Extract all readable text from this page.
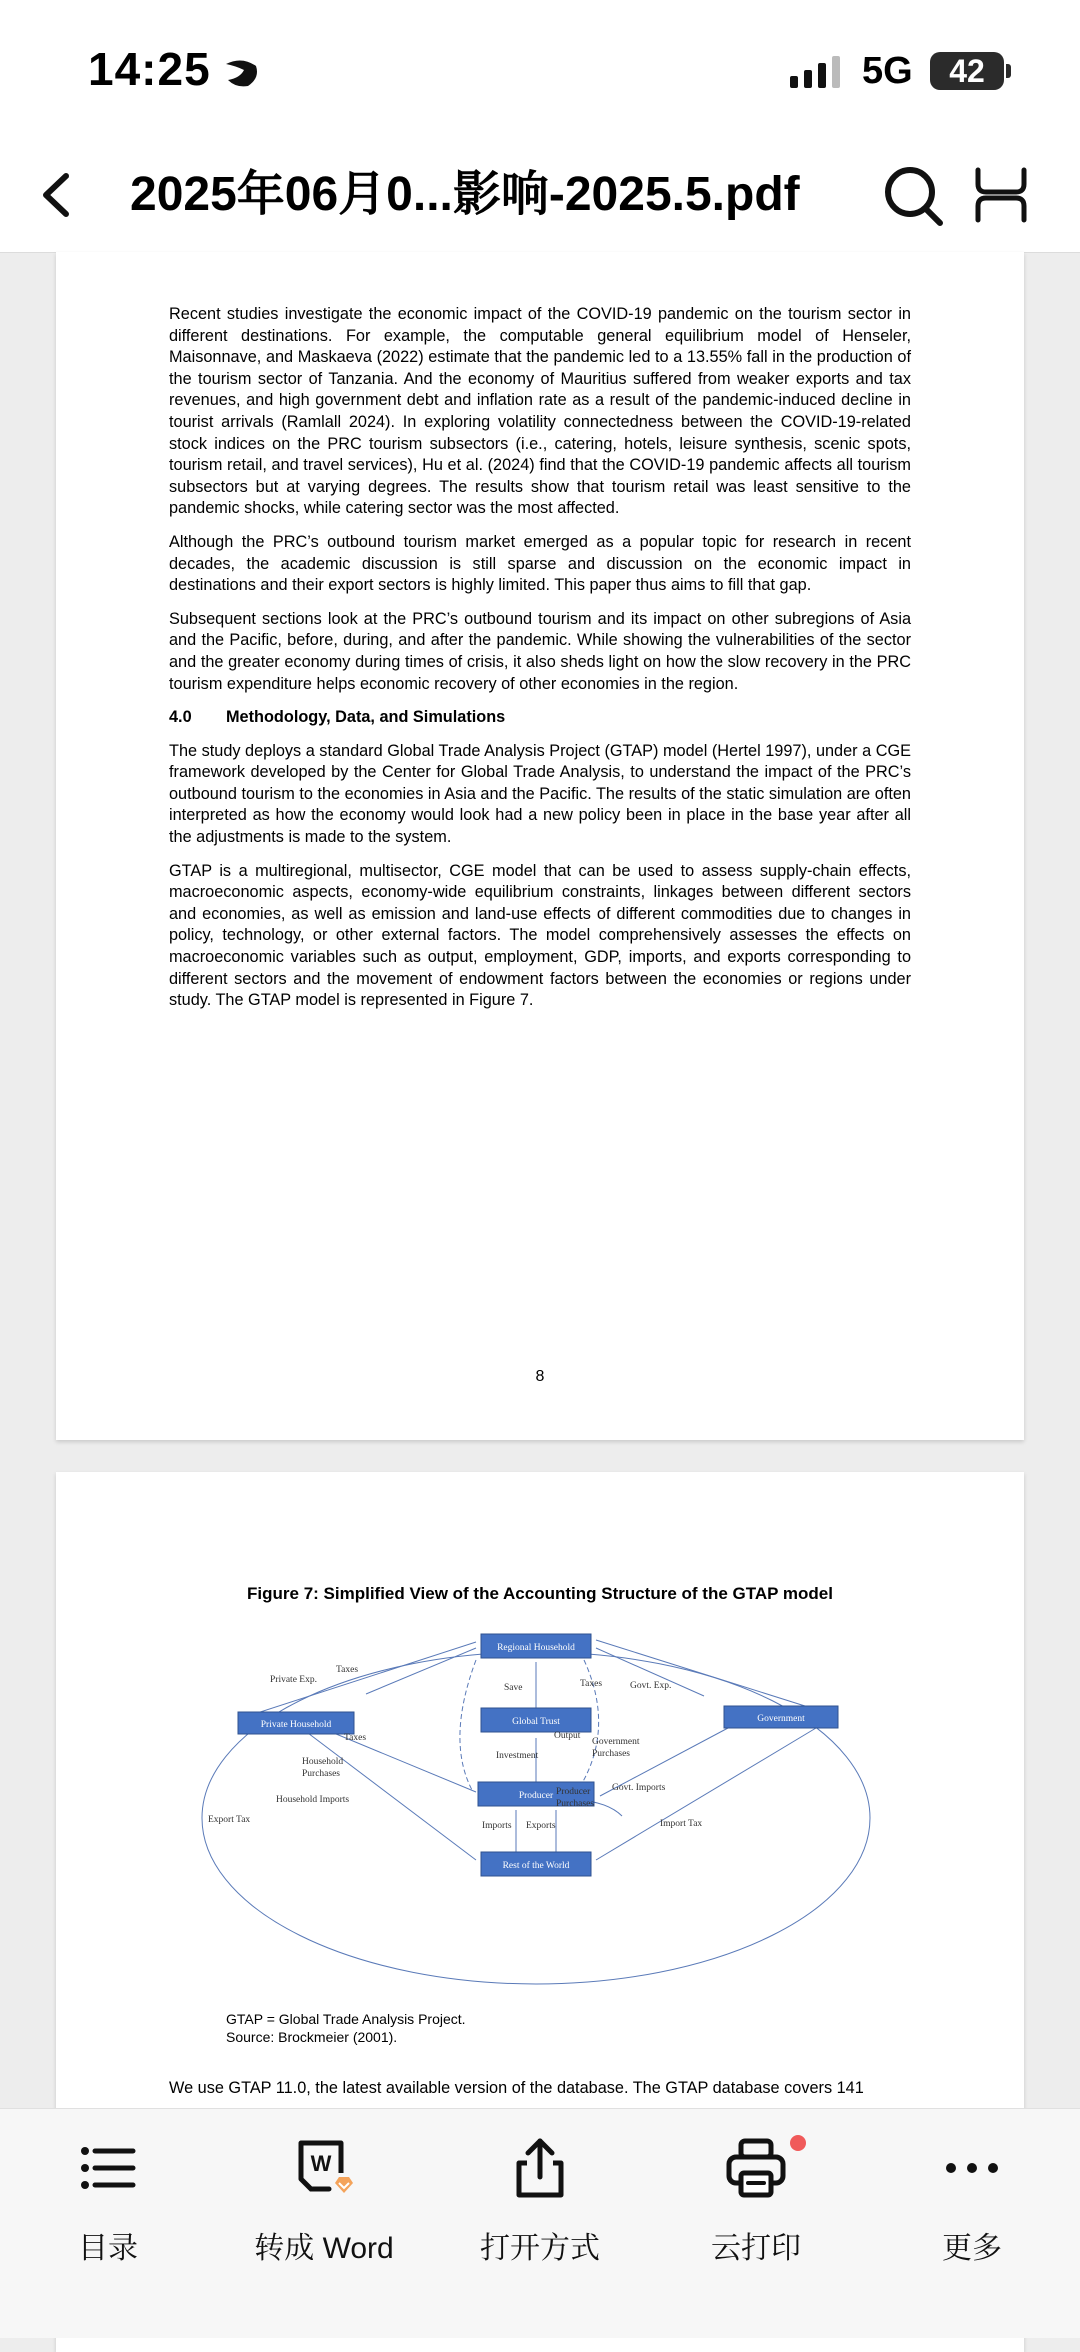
14:25	5G	42
2025年06月0...影响-2025.5.pdf

Recent studies investigate the economic impact of the COVID-19 pandemic on the tourism sector in different destinations. For example, the computable general equilibrium model of Henseler, Maisonnave, and Maskaeva (2022) estimate that the pandemic led to a 13.55% fall in the production of the tourism sector of Tanzania. And the economy of Mauritius suffered from weaker exports and tax revenues, and high government debt and inflation rate as a result of the pandemic-induced decline in tourist arrivals (Ramlall 2024). In exploring volatility connectedness between the COVID-19-related stock indices on the PRC tourism subsectors (i.e., catering, hotels, leisure synthesis, scenic spots, tourism retail, and travel services), Hu et al. (2024) find that the COVID-19 pandemic affects all tourism subsectors but at varying degrees. The results show that tourism retail was least sensitive to the pandemic shocks, while catering sector was the most affected.

Although the PRC’s outbound tourism market emerged as a popular topic for research in recent decades, the academic discussion is still sparse and discussion on the economic impact in destinations and their export sectors is highly limited. This paper thus aims to fill that gap.

Subsequent sections look at the PRC’s outbound tourism and its impact on other subregions of Asia and the Pacific, before, during, and after the pandemic. While showing the vulnerabilities of the sector and the greater economy during times of crisis, it also sheds light on how the slow recovery in the PRC tourism expenditure helps economic recovery of other economies in the region.

4.0 Methodology, Data, and Simulations

The study deploys a standard Global Trade Analysis Project (GTAP) model (Hertel 1997), under a CGE framework developed by the Center for Global Trade Analysis, to understand the impact of the PRC’s outbound tourism to the economies in Asia and the Pacific. The results of the static simulation are often interpreted as how the economy would look had a new policy been in place in the base year after all the adjustments is made to the system.

GTAP is a multiregional, multisector, CGE model that can be used to assess supply-chain effects, macroeconomic aspects, economy-wide equilibrium constraints, linkages between different sectors and economies, as well as emission and land-use effects of different commodities due to changes in policy, technology, or other external factors. The model comprehensively assesses the effects on macroeconomic variables such as output, employment, GDP, imports, and exports corresponding to different sectors and the movement of endowment factors between the economies or regions under study. The GTAP model is represented in Figure 7.

8
Figure 7: Simplified View of the Accounting Structure of the GTAP model
Regional Household
Private Household	Global Trust	Government
Producer
Rest of the World
Private Exp.
Taxes
Save	Taxes	Govt. Exp.
Taxes	Output
Investment
Household
Purchases
Government
Purchases
Household Imports
Producer
Purchases
Govt. Imports
Export Tax	Import Tax
Imports Exports
GTAP = Global Trade Analysis Project.
Source: Brockmeier (2001).
We use GTAP 11.0, the latest available version of the database. The GTAP database covers 141
目录
W
转成 Word	打开方式	云打印	更多
